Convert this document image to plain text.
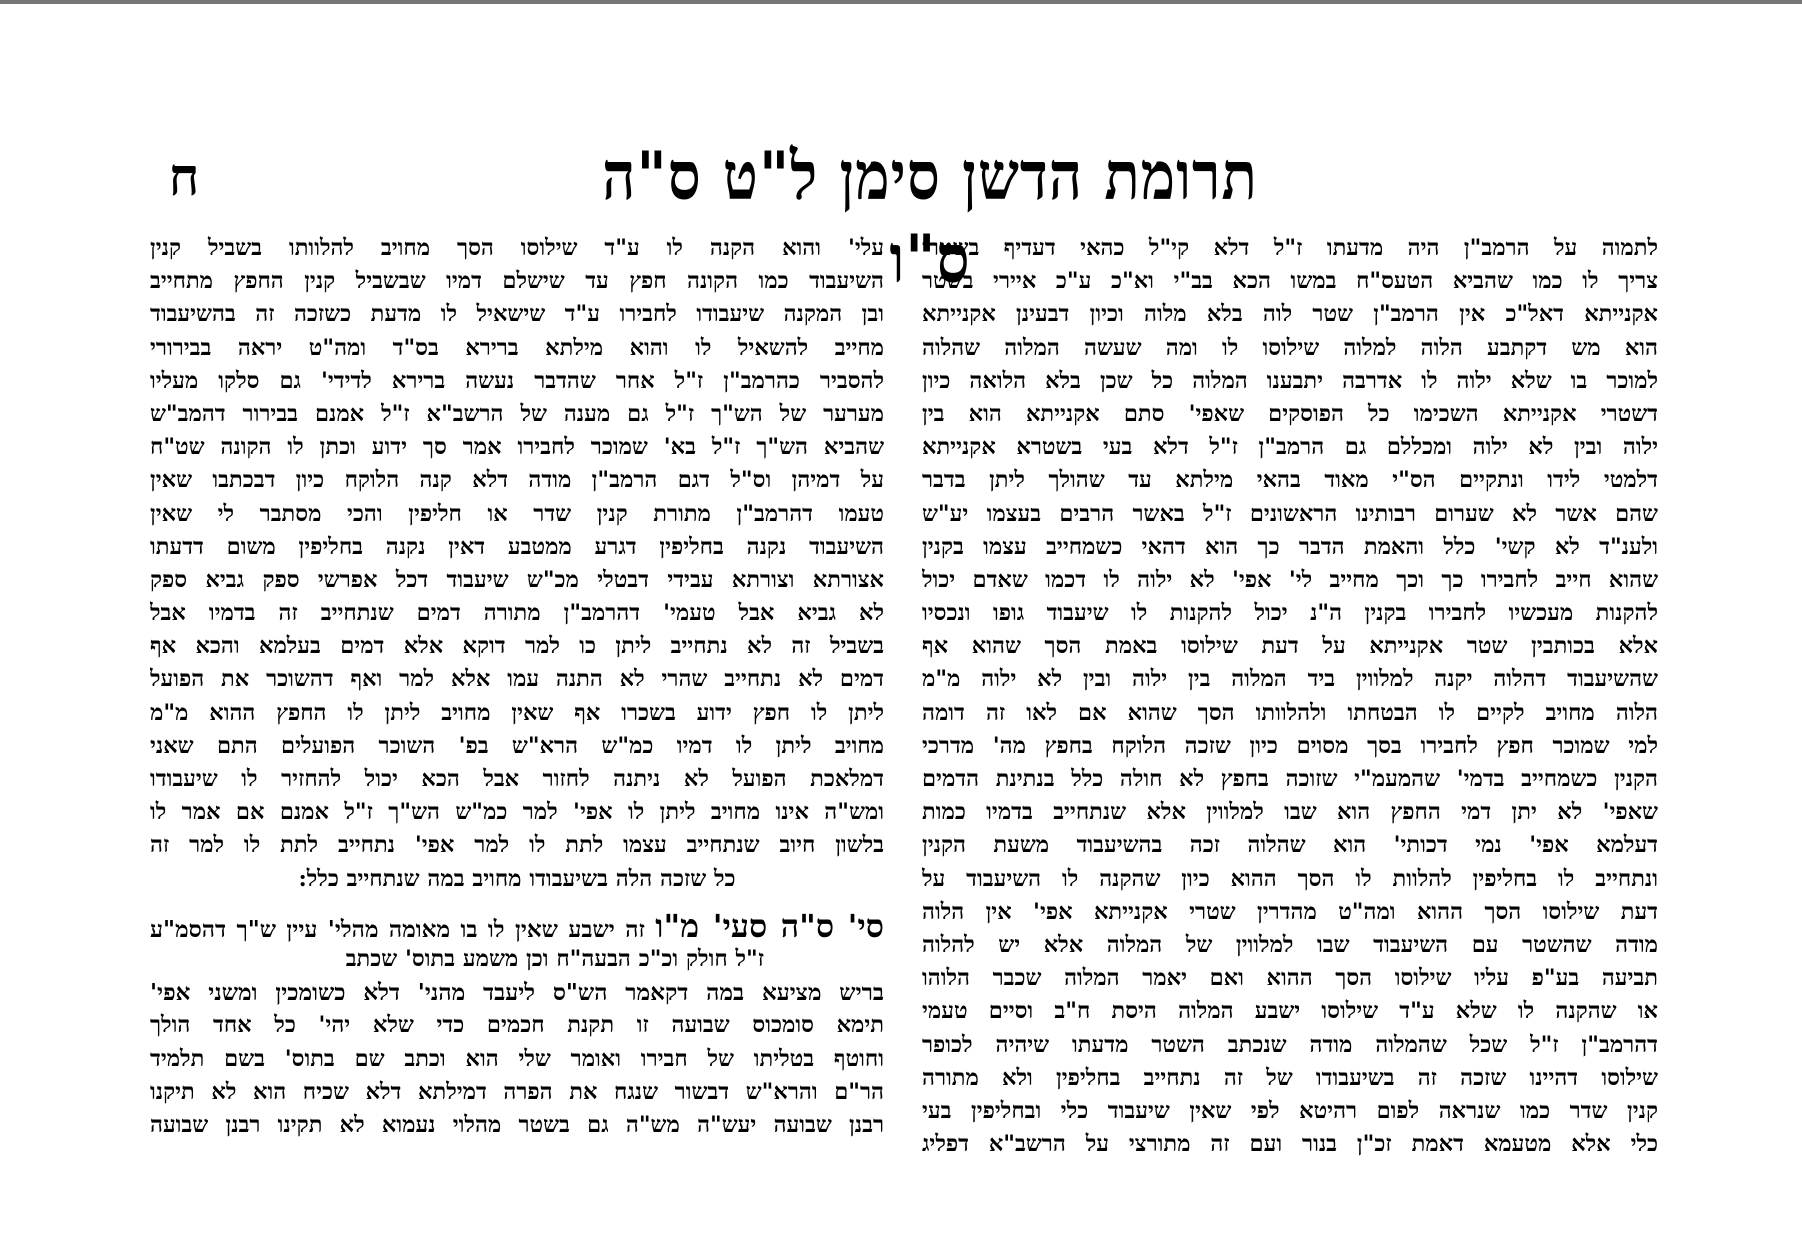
ח	תרומת הדשן סימן ל"ט ס"ה ס"ו
לתמוה על הרמב"ן היה מדעתו ז"ל דלא קי"ל כהאי דעדיף בשטרי
צריך לו כמו שהביא הטעס"ח במשו הכא בב"י וא"כ ע"כ איירי בשטר
אקנייתא דאל"כ אין הרמב"ן שטר לוה בלא מלוה וכיון דבעינן אקנייתא
הוא מש דקתבע הלוה למלוה שילוסו לו ומה שעשה המלוה שהלוה
למוכר בו שלא ילוה לו אדרבה יתבענו המלוה כל שכן בלא הלואה כיון
דשטרי אקנייתא השכימו כל הפוסקים שאפי' סתם אקנייתא הוא בין
ילוה ובין לא ילוה ומכללם גם הרמב"ן ז"ל דלא בעי בשטרא אקנייתא
דלמטי לידו ונתקיים הס"י מאוד בהאי מילתא עד שהולך ליתן בדבר
שהם אשר לא שערום רבותינו הראשונים ז"ל באשר הרבים בעצמו יע"ש
ולענ"ד לא קשי' כלל והאמת הדבר כך הוא דהאי כשמחייב עצמו בקנין
שהוא חייב לחבירו כך וכך מחייב לי' אפי' לא ילוה לו דכמו שאדם יכול
להקנות מעכשיו לחבירו בקנין ה"נ יכול להקנות לו שיעבוד גופו ונכסיו
אלא בכותבין שטר אקנייתא על דעת שילוסו באמת הסך שהוא אף
שהשיעבוד דהלוה יקנה למלווין ביד המלוה בין ילוה ובין לא ילוה מ"מ
הלוה מחויב לקיים לו הבטחתו ולהלוותו הסך שהוא אם לאו זה דומה
למי שמוכר חפץ לחבירו בסך מסוים כיון שזכה הלוקח בחפץ מה' מדרכי
הקנין כשמחייב בדמי' שהמעמ"י שזוכה בחפץ לא חולה כלל בנתינת הדמים
שאפי' לא יתן דמי החפץ הוא שבו למלווין אלא שנתחייב בדמיו כמות
דעלמא אפי' נמי דכותי' הוא שהלוה זכה בהשיעבוד משעת הקנין
ונתחייב לו בחליפין להלוות לו הסך ההוא כיון שהקנה לו השיעבוד על
דעת שילוסו הסך ההוא ומה"ט מהדרין שטרי אקנייתא אפי' אין הלוה
מודה שהשטר עם השיעבוד שבו למלווין של המלוה אלא יש להלוה
תביעה בע"פ עליו שילוסו הסך ההוא ואם יאמר המלוה שכבר הלוהו
או שהקנה לו שלא ע"ד שילוסו ישבע המלוה היסת ח"ב וסיים טעמי
דהרמב"ן ז"ל שכל שהמלוה מודה שנכתב השטר מדעתו שיהיה לכופר
שילוסו דהיינו שזכה זה בשיעבודו של זה נתחייב בחליפין ולא מתורה
קנין שדר כמו שנראה לפום רהיטא לפי שאין שיעבוד כלי ובחליפין בעי
כלי אלא מטעמא דאמת זכ"ן בנור ועם זה מתורצי על הרשב"א דפליג
עלי' והוא הקנה לו ע"ד שילוסו הסך מחויב להלוותו בשביל קנין
השיעבוד כמו הקונה חפץ עד שישלם דמיו שבשביל קנין החפץ מתחייב
ובן המקנה שיעבודו לחבירו ע"ד שישאיל לו מדעת כשזכה זה בהשיעבוד
מחייב להשאיל לו והוא מילתא ברירא בס"ד ומה"ט יראה בבירורי
להסביר כהרמב"ן ז"ל אחר שהדבר נעשה ברירא לדידי' גם סלקו מעליו
מערער של הש"ך ז"ל גם מענה של הרשב"א ז"ל אמנם בבירור דהמב"ש
שהביא הש"ך ז"ל בא' שמוכר לחבירו אמר סך ידוע וכתן לו הקונה שט"ח
על דמיהן וס"ל דגם הרמב"ן מודה דלא קנה הלוקח כיון דבכתבו שאין
טעמו דהרמב"ן מתורת קנין שדר או חליפין והכי מסתבר לי שאין
השיעבוד נקנה בחליפין דגרע ממטבע דאין נקנה בחליפין משום דדעתו
אצורתא וצורתא עבידי דבטלי מכ"ש שיעבוד דכל אפרשי ספק גביא ספק
לא גביא אבל טעמי' דהרמב"ן מתורה דמים שנתחייב זה בדמיו אבל
בשביל זה לא נתחייב ליתן כו למר דוקא אלא דמים בעלמא והכא אף
דמים לא נתחייב שהרי לא התנה עמו אלא למר ואף דהשוכר את הפועל
ליתן לו חפץ ידוע בשכרו אף שאין מחויב ליתן לו החפץ ההוא מ"מ
מחויב ליתן לו דמיו כמ"ש הרא"ש בפ' השוכר הפועלים התם שאני
דמלאכת הפועל לא ניתנה לחזור אבל הכא יכול להחזיר לו שיעבודו
ומש"ה אינו מחויב ליתן לו אפי' למר כמ"ש הש"ך ז"ל אמנם אם אמר לו
בלשון חיוב שנתחייב עצמו לתת לו למר אפי' נתחייב לתת לו למר זה
כל שזכה הלה בשיעבודו מחויב במה שנתחייב כלל:
סי' ס"ה סעי' מ"ו זה ישבע שאין לו בו מאומה מהלי' עיין ש"ך דהסמ"ע
ז"ל חולק וכ"כ הבעה"ח וכן משמע בתוס' שכתב
בריש מציעא במה דקאמר הש"ס ליעבד מהני' דלא כשומכין ומשני אפי'
תימא סומכוס שבועה זו תקנת חכמים כדי שלא יהי' כל אחד הולך
וחוטף בטליתו של חבירו ואומר שלי הוא וכתב שם בתוס' בשם תלמיד
הר"ם והרא"ש דבשור שנגח את הפרה דמילתא דלא שכיח הוא לא תיקנו
רבנן שבועה יעש"ה מש"ה גם בשטר מהלוי נעמוא לא תקינו רבנן שבועה
